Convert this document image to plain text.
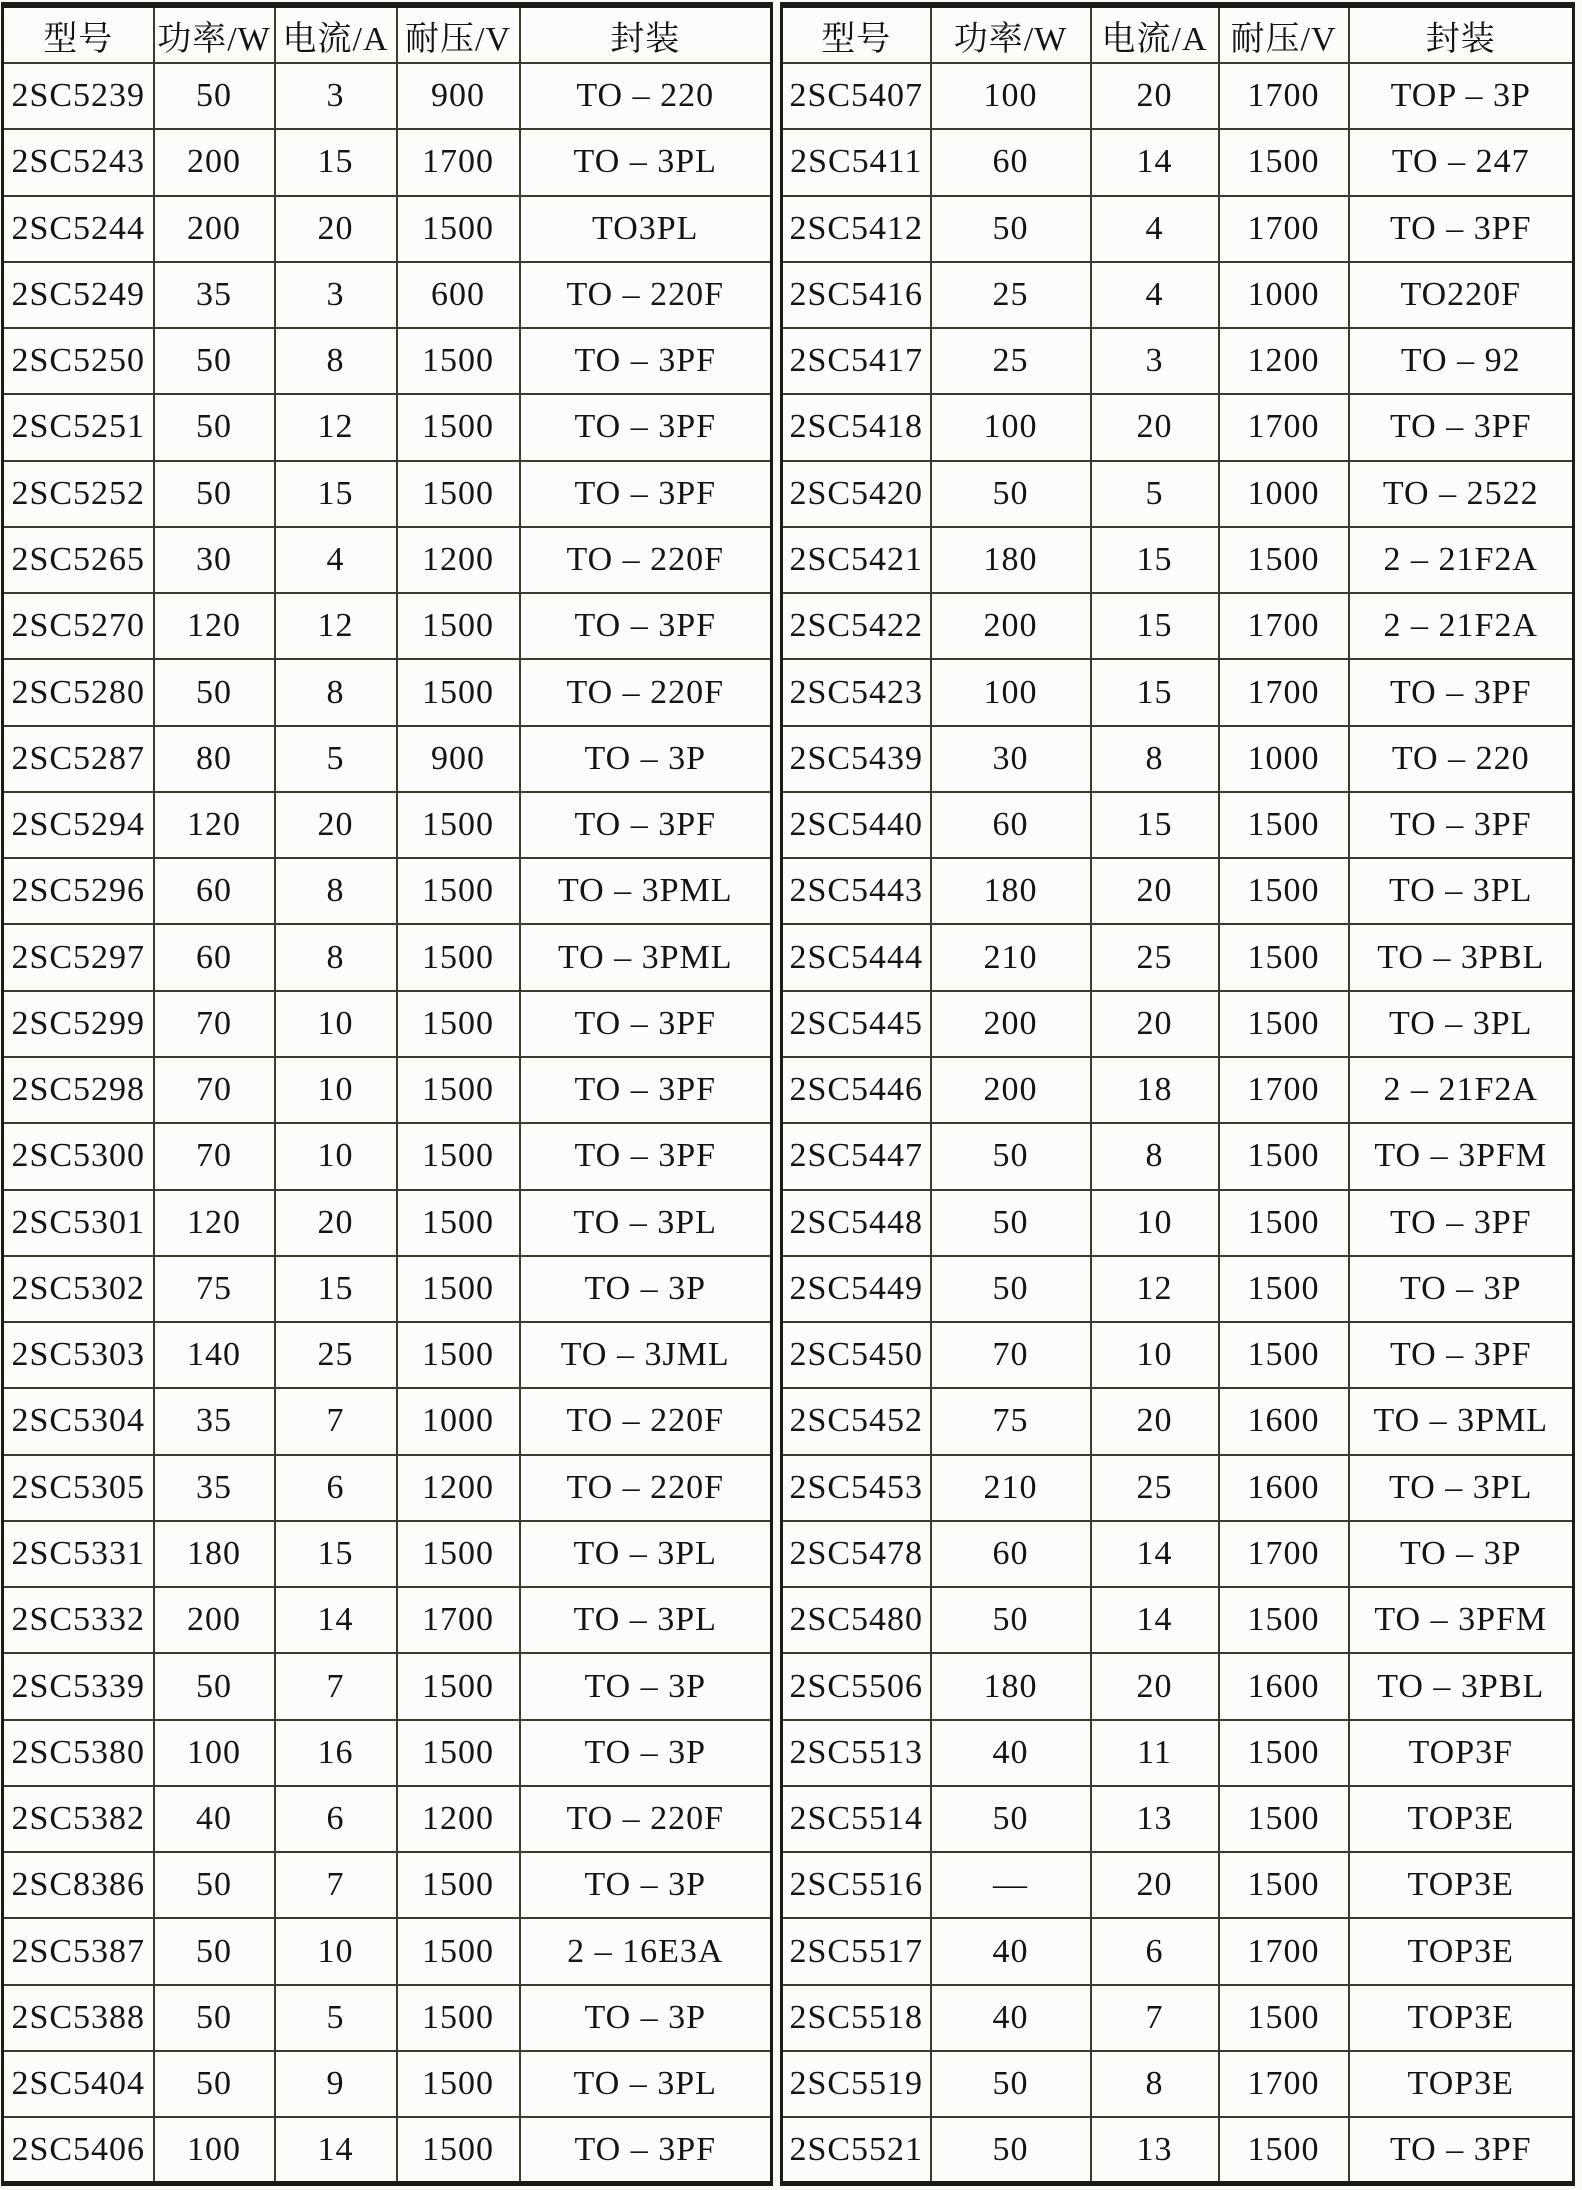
型号	功率/W	电流/A	耐压/V	封装
2SC5239	50	3	900	TO – 220
2SC5243	200	15	1700	TO – 3PL
2SC5244	200	20	1500	TO3PL
2SC5249	35	3	600	TO – 220F
2SC5250	50	8	1500	TO – 3PF
2SC5251	50	12	1500	TO – 3PF
2SC5252	50	15	1500	TO – 3PF
2SC5265	30	4	1200	TO – 220F
2SC5270	120	12	1500	TO – 3PF
2SC5280	50	8	1500	TO – 220F
2SC5287	80	5	900	TO – 3P
2SC5294	120	20	1500	TO – 3PF
2SC5296	60	8	1500	TO – 3PML
2SC5297	60	8	1500	TO – 3PML
2SC5299	70	10	1500	TO – 3PF
2SC5298	70	10	1500	TO – 3PF
2SC5300	70	10	1500	TO – 3PF
2SC5301	120	20	1500	TO – 3PL
2SC5302	75	15	1500	TO – 3P
2SC5303	140	25	1500	TO – 3JML
2SC5304	35	7	1000	TO – 220F
2SC5305	35	6	1200	TO – 220F
2SC5331	180	15	1500	TO – 3PL
2SC5332	200	14	1700	TO – 3PL
2SC5339	50	7	1500	TO – 3P
2SC5380	100	16	1500	TO – 3P
2SC5382	40	6	1200	TO – 220F
2SC8386	50	7	1500	TO – 3P
2SC5387	50	10	1500	2 – 16E3A
2SC5388	50	5	1500	TO – 3P
2SC5404	50	9	1500	TO – 3PL
2SC5406	100	14	1500	TO – 3PF
型号	功率/W	电流/A	耐压/V	封装
2SC5407	100	20	1700	TOP – 3P
2SC5411	60	14	1500	TO – 247
2SC5412	50	4	1700	TO – 3PF
2SC5416	25	4	1000	TO220F
2SC5417	25	3	1200	TO – 92
2SC5418	100	20	1700	TO – 3PF
2SC5420	50	5	1000	TO – 2522
2SC5421	180	15	1500	2 – 21F2A
2SC5422	200	15	1700	2 – 21F2A
2SC5423	100	15	1700	TO – 3PF
2SC5439	30	8	1000	TO – 220
2SC5440	60	15	1500	TO – 3PF
2SC5443	180	20	1500	TO – 3PL
2SC5444	210	25	1500	TO – 3PBL
2SC5445	200	20	1500	TO – 3PL
2SC5446	200	18	1700	2 – 21F2A
2SC5447	50	8	1500	TO – 3PFM
2SC5448	50	10	1500	TO – 3PF
2SC5449	50	12	1500	TO – 3P
2SC5450	70	10	1500	TO – 3PF
2SC5452	75	20	1600	TO – 3PML
2SC5453	210	25	1600	TO – 3PL
2SC5478	60	14	1700	TO – 3P
2SC5480	50	14	1500	TO – 3PFM
2SC5506	180	20	1600	TO – 3PBL
2SC5513	40	11	1500	TOP3F
2SC5514	50	13	1500	TOP3E
2SC5516	—	20	1500	TOP3E
2SC5517	40	6	1700	TOP3E
2SC5518	40	7	1500	TOP3E
2SC5519	50	8	1700	TOP3E
2SC5521	50	13	1500	TO – 3PF
